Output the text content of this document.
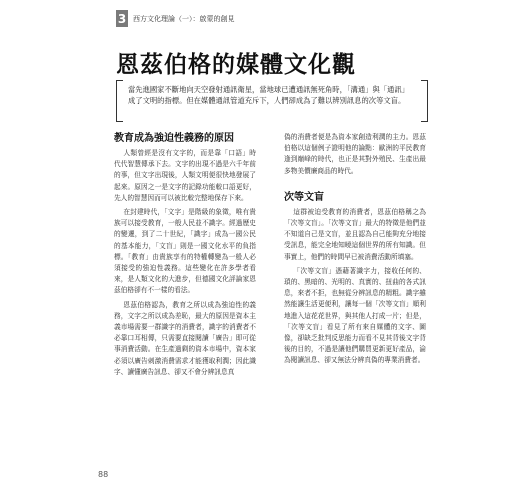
3 西方文化理論（一）：啟蒙的創見
恩茲伯格的媒體文化觀

當先進國家不斷地向天空發射通訊衛星，當地球已遭通訊無死角時，「溝通」與「通訊」成了文明的指標。但在媒體通訊管道充斥下，人們卻成為了難以辨別訊息的次等文盲。

教育成為強迫性義務的原因

人類曾經是沒有文字的，而是靠「口語」時代代智慧傳承下去。文字的出現不過是六千年前的事，但文字出現後，人類文明便很快地發展了起來。原因之一是文字的記錄功能較口語更好，先人的智慧因而可以被比較完整地保存下來。

在封建時代，「文字」是階級的象徵，唯有貴族可以接受教育，一般人民並不識字。經過歷史的變遷，到了二十世紀，「識字」成為一國公民的基本能力，「文盲」則是一國文化水平的負指標。「教育」由貴族享有的特權轉變為一般人必須接受的強迫性義務。這些變化在許多學者看來，是人類文化的大進步，但德國文化評論家恩茲伯格卻有不一樣的看法。

恩茲伯格認為，教育之所以成為強迫性的義務，文字之所以成為差恥，最大的原因是資本主義市場需要一群識字的消費者，識字的消費者不必靠口耳相傳，只需要直接閱讀「廣告」即可從事消費活動。在生產過剩的資本市場中，資本家必須以廣告刺激消費需求才能獲取利潤；因此識字、讀懂廣告訊息、卻又不會分辨訊息真

偽的消費者便是為資本家創造利潤的主力。恩茲伯格以這個例子證明他的論點：歐洲的平民教育逢到巔峰的時代，也正是其對外殖民、生產出最多物美價廉商品的時代。

次等文盲

這群被迫受教育的消費者，恩茲伯格稱之為「次等文盲」。「次等文盲」最大的特徵是他們並不知道自己是文盲，並且認為自己能夠充分地接受訊息，能完全地知曉這個世界的所有知識。但事實上，他們的時間早已被消費活動所填塞。

「次等文盲」憑藉著識字力，接收任何的、瑣的、黑暗的、光明的、真實的、扭曲的各式訊息，來者不拒，也無從分辨訊息的精粗。識字雖然能讓生活更便利，讓每一個「次等文盲」順利地進入這花花世界，與其他人打成一片；但是，「次等文盲」看見了所有來自媒體的文字、圖像，卻缺乏批判反思能力而看不見其背後文字背後的目的，不過是讓他們購買更新更好產品，淪為閱讀訊息、卻又無法分辨真偽的專業消費者。

88
